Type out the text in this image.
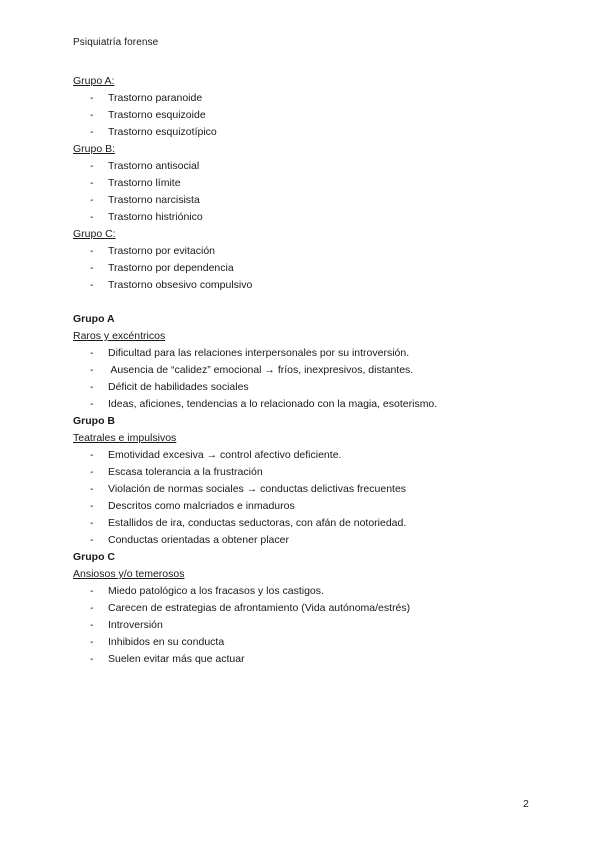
Psiquiatría forense
Grupo A:
- Trastorno paranoide
- Trastorno esquizoide
- Trastorno esquizotípico
Grupo B:
- Trastorno antisocial
- Trastorno límite
- Trastorno narcisista
- Trastorno histriónico
Grupo C:
- Trastorno por evitación
- Trastorno por dependencia
- Trastorno obsesivo compulsivo
Grupo A
Raros y excéntricos
- Dificultad para las relaciones interpersonales por su introversión.
- Ausencia de “calidez” emocional → fríos, inexpresivos, distantes.
- Déficit de habilidades sociales
- Ideas, aficiones, tendencias a lo relacionado con la magia, esoterismo.
Grupo B
Teatrales e impulsivos
- Emotividad excesiva → control afectivo deficiente.
- Escasa tolerancia a la frustración
- Violación de normas sociales → conductas delictivas frecuentes
- Descritos como malcriados e inmaduros
- Estallidos de ira, conductas seductoras, con afán de notoriedad.
- Conductas orientadas a obtener placer
Grupo C
Ansiosos y/o temerosos
- Miedo patológico a los fracasos y los castigos.
- Carecen de estrategias de afrontamiento (Vida autónoma/estrés)
- Introversión
- Inhibidos en su conducta
- Suelen evitar más que actuar
2
